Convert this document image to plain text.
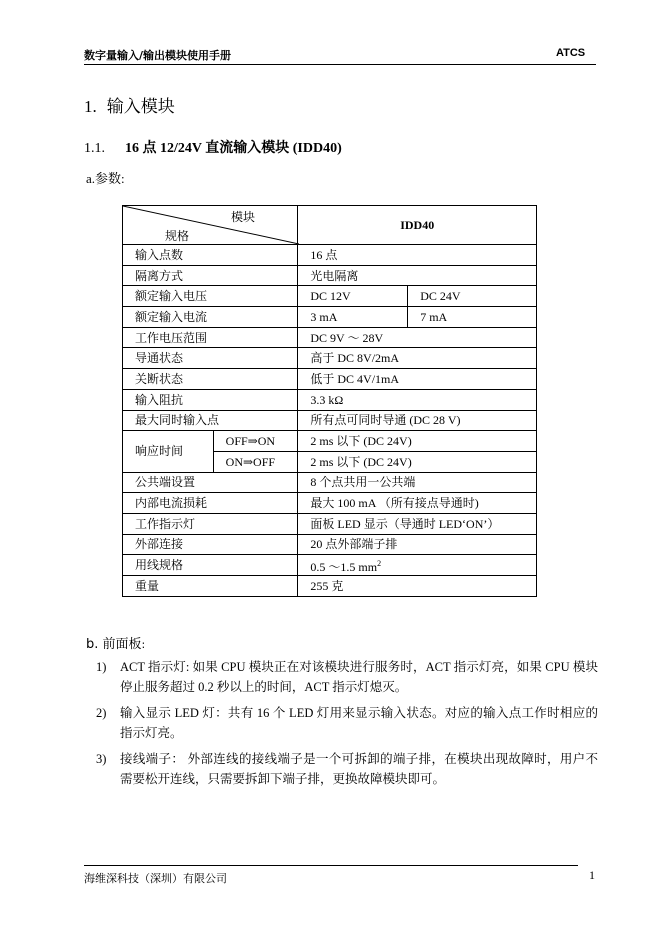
数字量输入/输出模块使用手册	ATCS
1. 输入模块
1.1. 16 点 12/24V 直流输入模块 (IDD40)
a.参数:
模块
规格		IDD40	
输入点数		16 点	
隔离方式		光电隔离	
额定输入电压		DC 12V	DC 24V
额定输入电流		3 mA	7 mA
工作电压范围		DC 9V ～ 28V	
导通状态		高于 DC 8V/2mA	
关断状态		低于 DC 4V/1mA	
输入阻抗		3.3 kΩ	
最大同时输入点		所有点可同时导通 (DC 28 V)	
响应时间	OFF⇒ON	2 ms 以下 (DC 24V)	
	ON⇒OFF	2 ms 以下 (DC 24V)	
公共端设置		8 个点共用一公共端	
内部电流损耗		最大 100 mA （所有接点导通时)	
工作指示灯		面板 LED 显示（导通时 LED‘ON’）	
外部连接		20 点外部端子排	
用线规格		0.5 ～1.5 $mm^2$
重量		255 克	
b. 前面板:
1) ACT 指示灯: 如果 CPU 模块正在对该模块进行服务时，ACT 指示灯亮，如果 CPU 模块停止服务超过 0.2 秒以上的时间，ACT 指示灯熄灭。
2) 输入显示 LED 灯：共有 16 个 LED 灯用来显示输入状态。对应的输入点工作时相应的指示灯亮。
3) 接线端子： 外部连线的接线端子是一个可拆卸的端子排，在模块出现故障时，用户不需要松开连线，只需要拆卸下端子排，更换故障模块即可。
海维深科技（深圳）有限公司	1
